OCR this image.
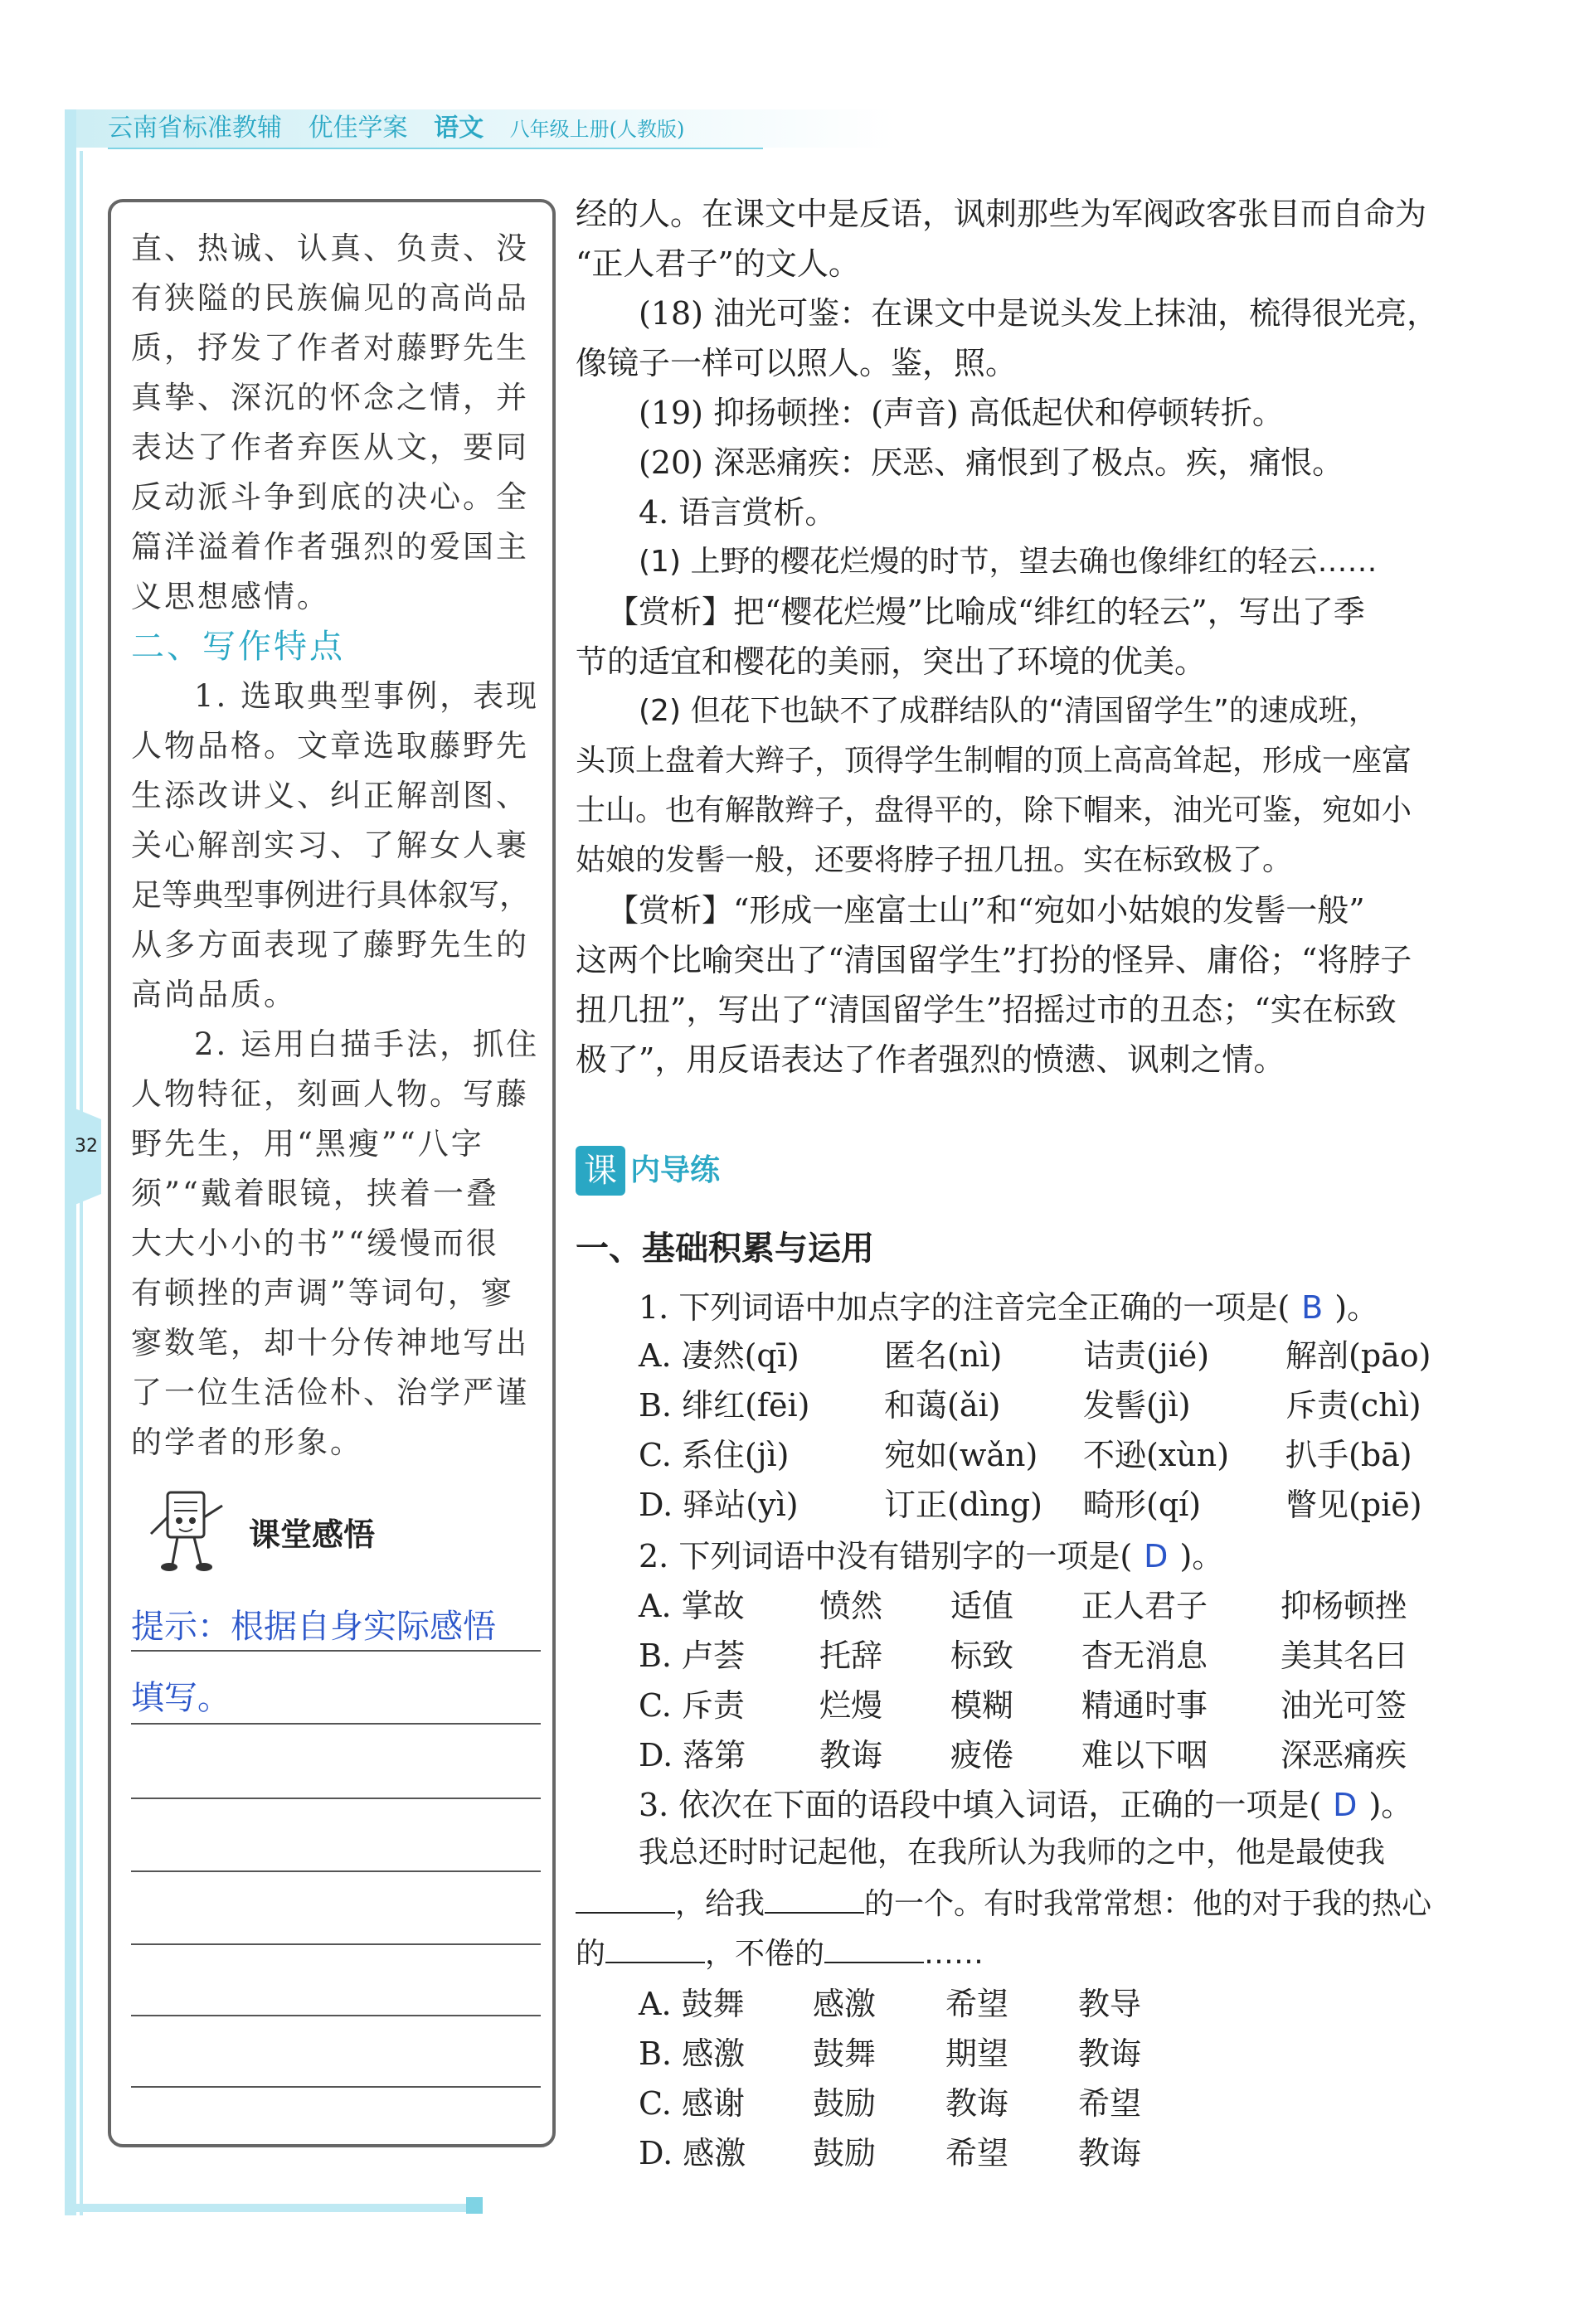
云南省标准教辅 优佳学案 语文 八年级上册(人教版)
32
直、热诚、认真、负责、没
有狭隘的民族偏见的高尚品
质，抒发了作者对藤野先生
真挚、深沉的怀念之情，并
表达了作者弃医从文，要同
反动派斗争到底的决心。全
篇洋溢着作者强烈的爱国主
义思想感情。
二、写作特点
1. 选取典型事例，表现
人物品格。文章选取藤野先
生添改讲义、纠正解剖图、
关心解剖实习、了解女人裹
足等典型事例进行具体叙写，
从多方面表现了藤野先生的
高尚品质。
2. 运用白描手法，抓住
人物特征，刻画人物。写藤
野先生，用“黑瘦”“八字
须”“戴着眼镜，挟着一叠
大大小小的书”“缓慢而很
有顿挫的声调”等词句，寥
寥数笔，却十分传神地写出
了一位生活俭朴、治学严谨
的学者的形象。
课堂感悟
提示：根据自身实际感悟
填写。
经的人。在课文中是反语，讽刺那些为军阀政客张目而自命为
“正人君子”的文人。
(18) 油光可鉴：在课文中是说头发上抹油，梳得很光亮，
像镜子一样可以照人。鉴，照。
(19) 抑扬顿挫：(声音) 高低起伏和停顿转折。
(20) 深恶痛疾：厌恶、痛恨到了极点。疾，痛恨。
4. 语言赏析。
(1) 上野的樱花烂熳的时节，望去确也像绯红的轻云……
【赏析】把“樱花烂熳”比喻成“绯红的轻云”，写出了季
节的适宜和樱花的美丽，突出了环境的优美。
(2) 但花下也缺不了成群结队的“清国留学生”的速成班，
头顶上盘着大辫子，顶得学生制帽的顶上高高耸起，形成一座富
士山。也有解散辫子，盘得平的，除下帽来，油光可鉴，宛如小
姑娘的发髻一般，还要将脖子扭几扭。实在标致极了。
【赏析】“形成一座富士山”和“宛如小姑娘的发髻一般”
这两个比喻突出了“清国留学生”打扮的怪异、庸俗；“将脖子
扭几扭”，写出了“清国留学生”招摇过市的丑态；“实在标致
极了”，用反语表达了作者强烈的愤懑、讽刺之情。
课 内导练
一、基础积累与运用
1. 下列词语中加点字的注音完全正确的一项是( B )。
A. 凄然(qī)	匿名(nì)	诘责(jié) 解剖(pāo)
B. 绯红(fēi) 和蔼(ǎi)	发髻(jì)	斥责(chì)
C. 系住(jì)	宛如(wǎn) 不逊(xùn) 扒手(bā)
D. 驿站(yì)	订正(dìng) 畸形(qí)	瞥见(piē)
2. 下列词语中没有错别字的一项是( D )。
A. 掌故 愤然 适值 正人君子 抑杨顿挫
B. 卢荟 托辞 标致 杳无消息 美其名曰
C. 斥责 烂熳 模糊 精通时事 油光可签
D. 落第 教诲 疲倦 难以下咽 深恶痛疾
3. 依次在下面的语段中填入词语，正确的一项是( D )。
我总还时时记起他，在我所认为我师的之中，他是最使我
，给我	的一个。有时我常常想：他的对于我的热心
的	，不倦的	……
A. 鼓舞 感激 希望 教导
B. 感激 鼓舞 期望 教诲
C. 感谢 鼓励 教诲 希望
D. 感激 鼓励 希望 教诲
